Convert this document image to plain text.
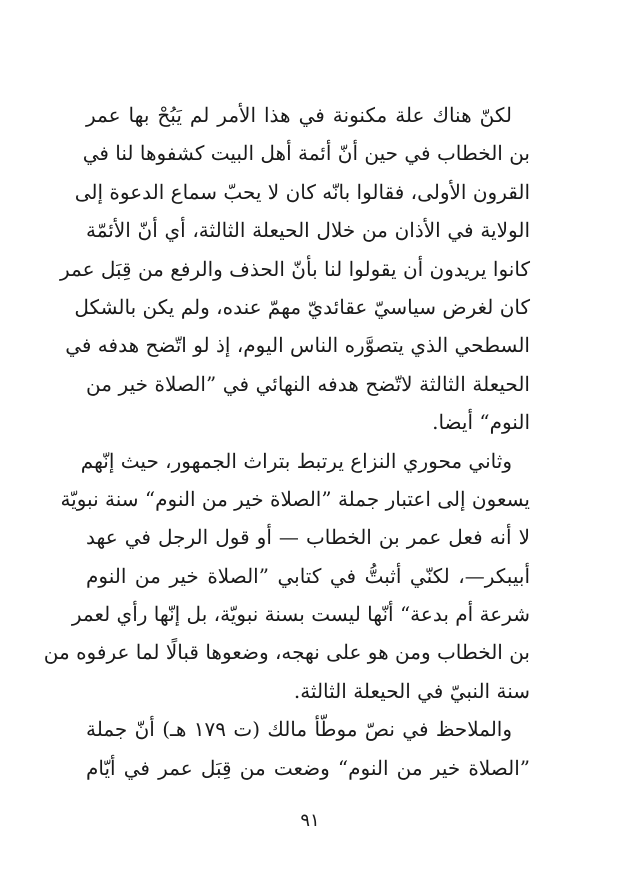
لكنّ هناك علة مكنونة في هذا الأمر لم يَبُحْ بها عمر
بن الخطاب في حين أنّ أئمة أهل البيت كشفوها لنا في
القرون الأولى، فقالوا بانّه كان لا يحبّ سماع الدعوة إلى
الولاية في الأذان من خلال الحيعلة الثالثة، أي أنّ الأئمّة
كانوا يريدون أن يقولوا لنا بأنّ الحذف والرفع من قِبَل عمر
كان لغرض سياسيّ عقائديّ مهمّ عنده، ولم يكن بالشكل
السطحي الذي يتصوَّره الناس اليوم، إذ لو اتّضح هدفه في
الحيعلة الثالثة لاتّضح هدفه النهائي في ”الصلاة خير من
النوم“ أيضا.
وثاني محوري النزاع يرتبط بتراث الجمهور، حيث إنّهم
يسعون إلى اعتبار جملة ”الصلاة خير من النوم“ سنة نبويّة
لا أنه فعل عمر بن الخطاب — أو قول الرجل في عهد
أبيبكر—، لكنّي أثبتُّ في كتابي ”الصلاة خير من النوم
شرعة أم بدعة“ أنّها ليست بسنة نبويّة، بل إنّها رأي لعمر
بن الخطاب ومن هو على نهجه، وضعوها قبالًا لما عرفوه من
سنة النبيّ في الحيعلة الثالثة.
والملاحظ في نصّ موطّأ مالك (ت ١٧٩ هـ) أنّ جملة
”الصلاة خير من النوم“ وضعت من قِبَل عمر في أيّام
٩١
